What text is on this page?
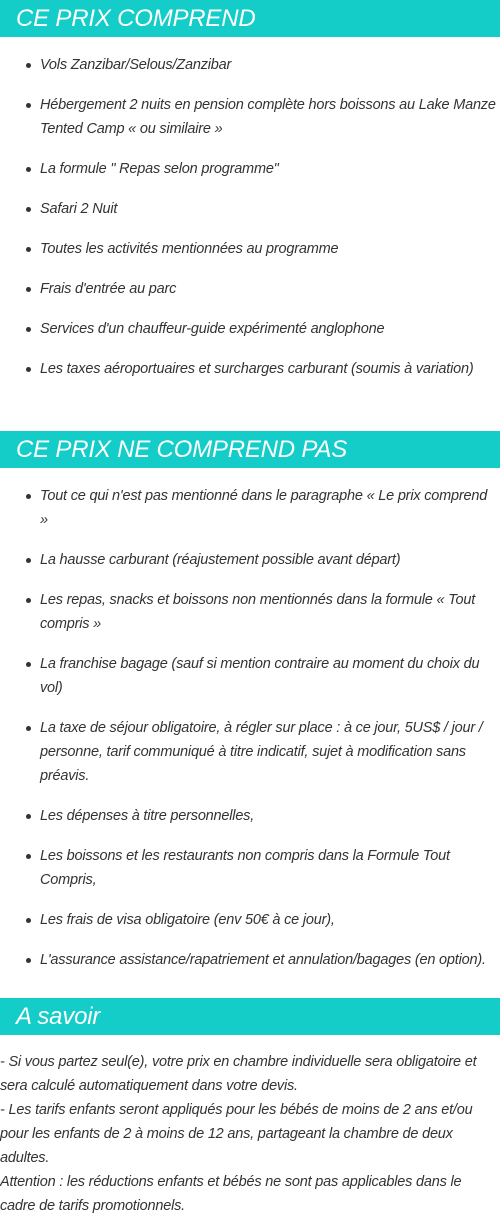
CE PRIX COMPREND
Vols Zanzibar/Selous/Zanzibar
Hébergement 2 nuits en pension complète hors boissons au Lake Manze Tented Camp « ou similaire »
La formule " Repas selon programme"
Safari 2 Nuit
Toutes les activités mentionnées au programme
Frais d'entrée au parc
Services d'un chauffeur-guide expérimenté anglophone
Les taxes aéroportuaires et surcharges carburant (soumis à variation)
CE PRIX NE COMPREND PAS
Tout ce qui n'est pas mentionné dans le paragraphe « Le prix comprend »
La hausse carburant (réajustement possible avant départ)
Les repas, snacks et boissons non mentionnés dans la formule « Tout compris »
La franchise bagage (sauf si mention contraire au moment du choix du vol)
La taxe de séjour obligatoire, à régler sur place : à ce jour, 5US$ / jour / personne, tarif communiqué à titre indicatif, sujet à modification sans préavis.
Les dépenses à titre personnelles,
Les boissons et les restaurants non compris dans la Formule Tout Compris,
Les frais de visa obligatoire (env 50€ à ce jour),
L'assurance assistance/rapatriement et annulation/bagages (en option).
A savoir

- Si vous partez seul(e), votre prix en chambre individuelle sera obligatoire et sera calculé automatiquement dans votre devis.

- Les tarifs enfants seront appliqués pour les bébés de moins de 2 ans et/ou pour les enfants de 2 à moins de 12 ans, partageant la chambre de deux adultes.

Attention : les réductions enfants et bébés ne sont pas applicables dans le cadre de tarifs promotionnels.
